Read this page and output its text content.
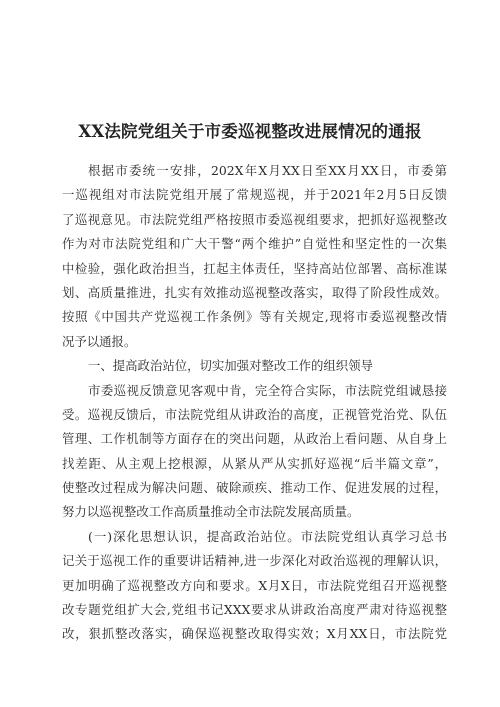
XX法院党组关于市委巡视整改进展情况的通报
根据市委统一安排，202X年X月XX日至XX月XX日，市委第
一巡视组对市法院党组开展了常规巡视，并于2021年2月5日反馈
了巡视意见。市法院党组严格按照市委巡视组要求，把抓好巡视整改
作为对市法院党组和广大干警“两个维护”自觉性和坚定性的一次集
中检验，强化政治担当，扛起主体责任，坚持高站位部署、高标准谋
划、高质量推进，扎实有效推动巡视整改落实，取得了阶段性成效。
按照《中国共产党巡视工作条例》等有关规定,现将市委巡视整改情
况予以通报。
一、提高政治站位，切实加强对整改工作的组织领导
市委巡视反馈意见客观中肯，完全符合实际，市法院党组诚恳接
受。巡视反馈后，市法院党组从讲政治的高度，正视管党治党、队伍
管理、工作机制等方面存在的突出问题，从政治上看问题、从自身上
找差距、从主观上挖根源，从紧从严从实抓好巡视“后半篇文章”，
使整改过程成为解决问题、破除顽疾、推动工作、促进发展的过程，
努力以巡视整改工作高质量推动全市法院发展高质量。
(一)深化思想认识，提高政治站位。市法院党组认真学习总书
记关于巡视工作的重要讲话精神,进一步深化对政治巡视的理解认识，
更加明确了巡视整改方向和要求。X月X日，市法院党组召开巡视整
改专题党组扩大会,党组书记XXX要求从讲政治高度严肃对待巡视整
改，狠抓整改落实，确保巡视整改取得实效；X月XX日，市法院党
